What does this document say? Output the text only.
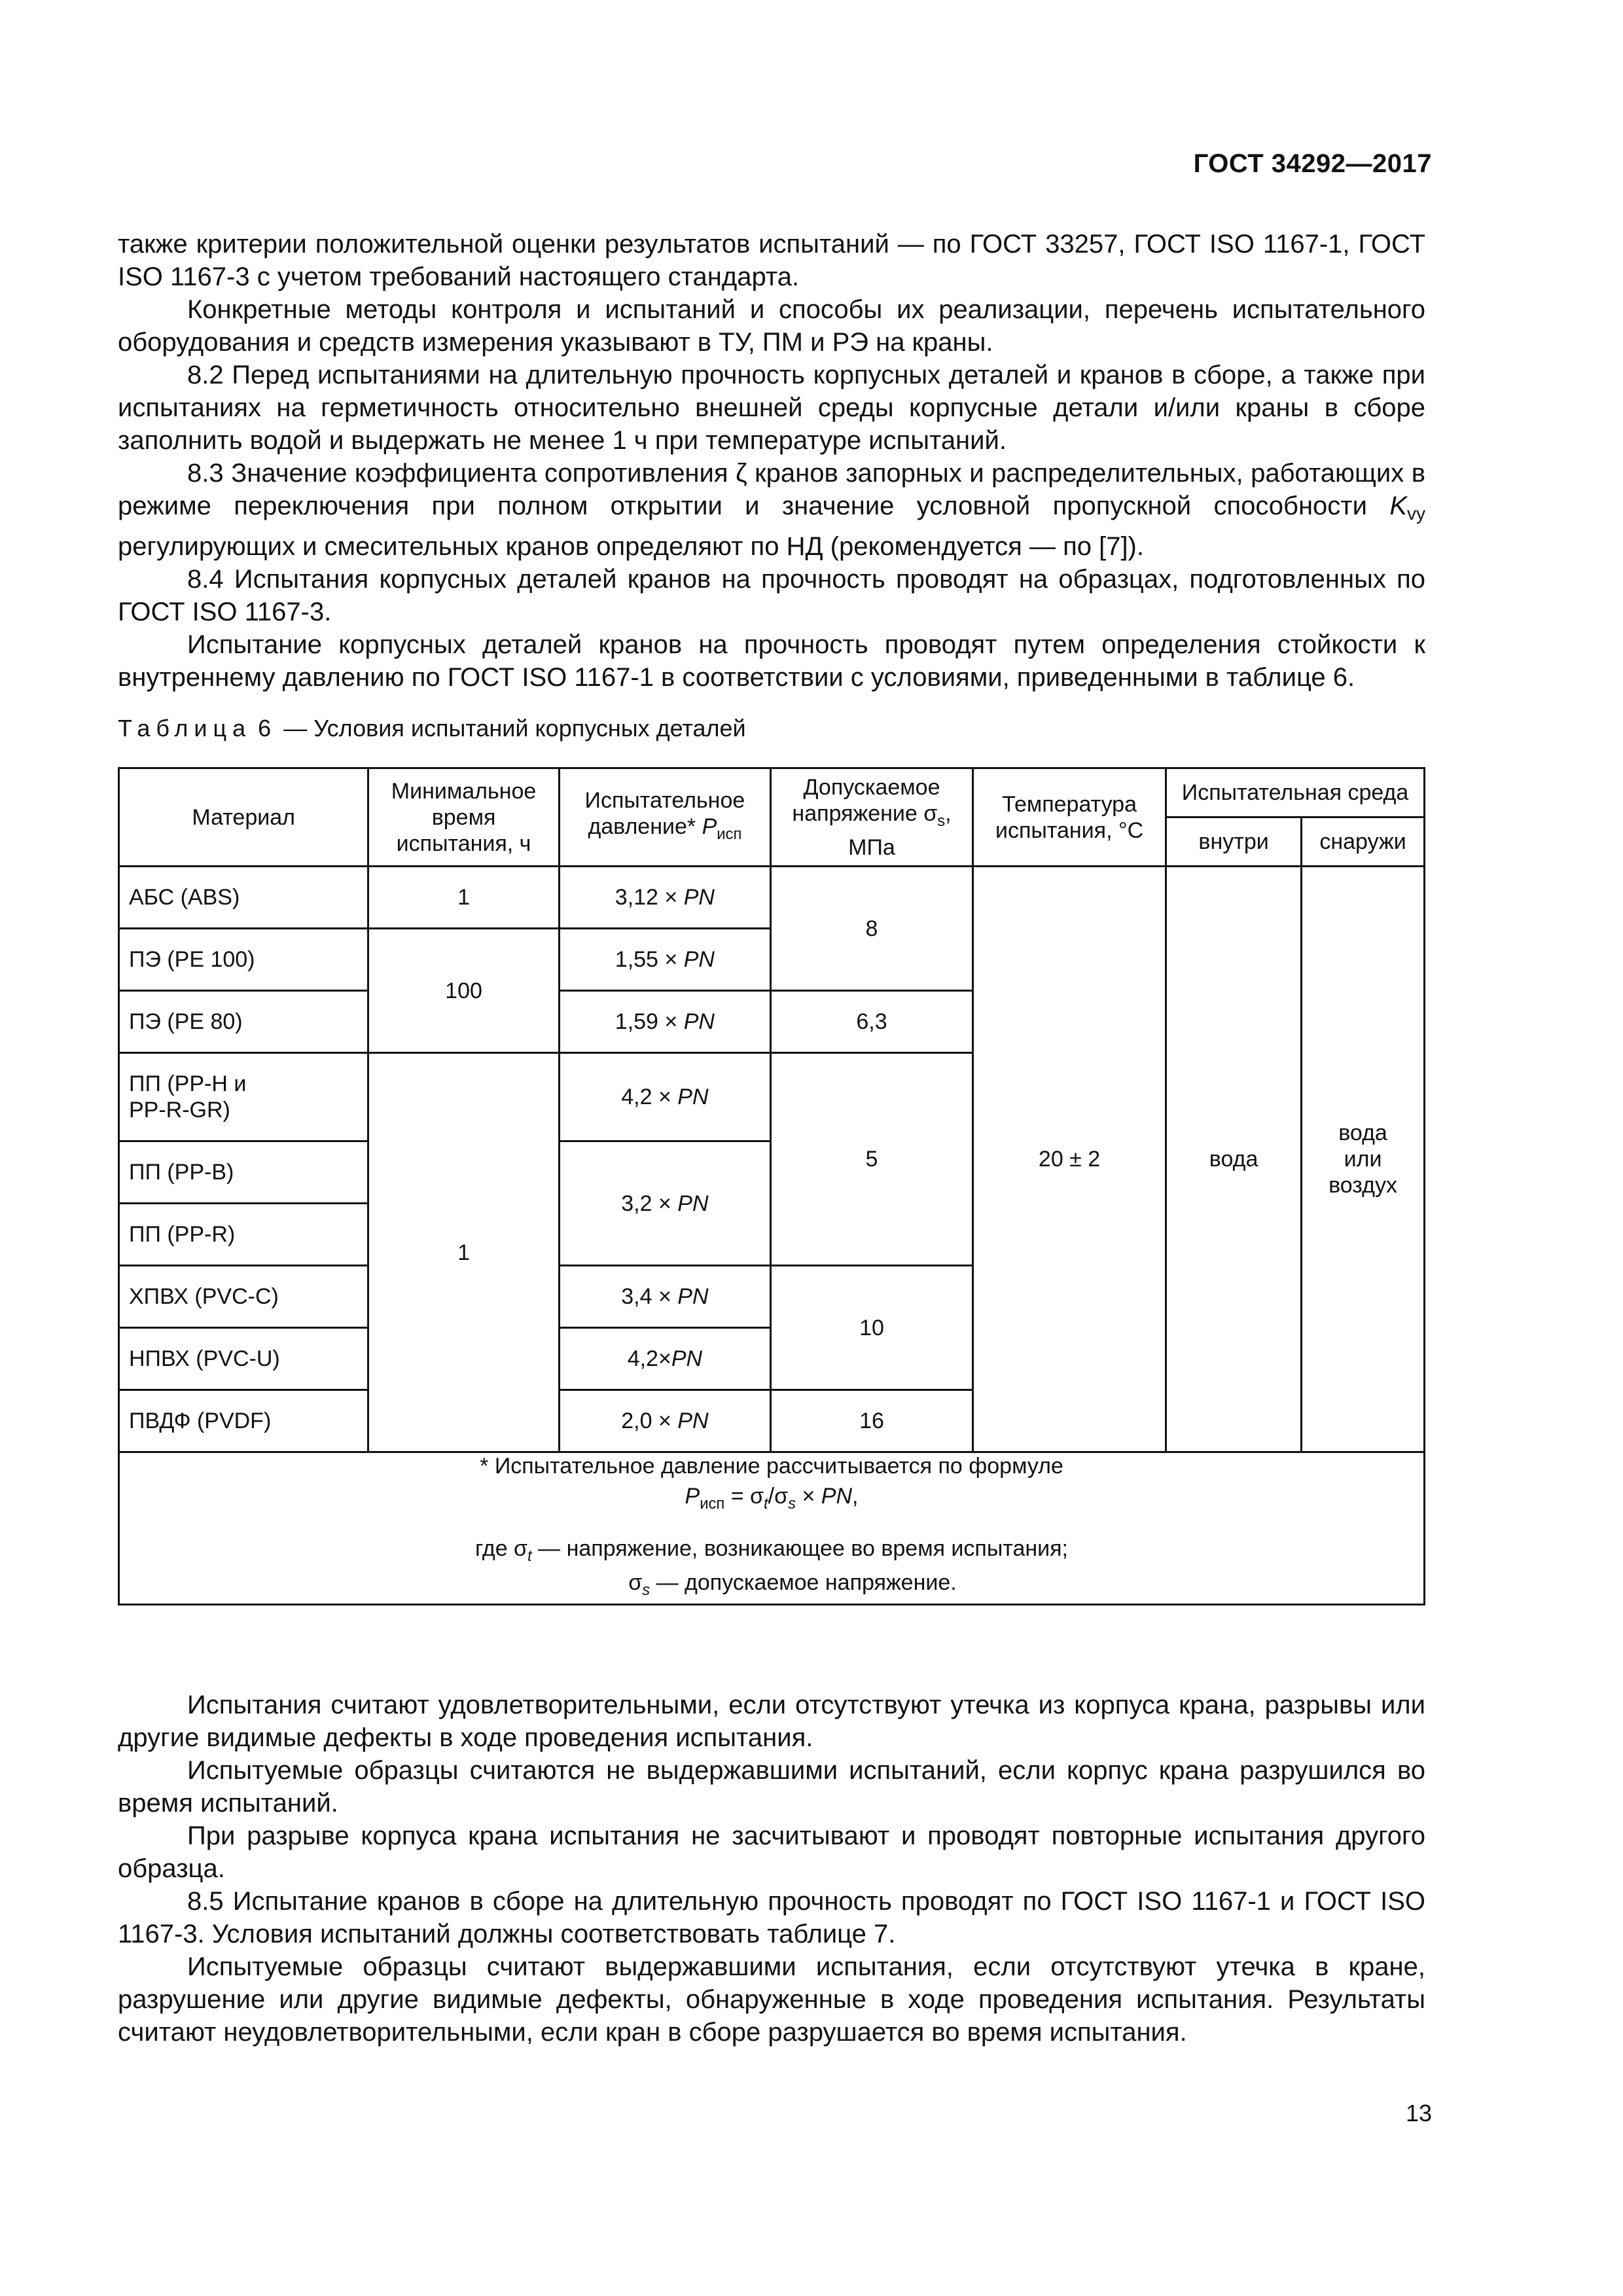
ГОСТ 34292—2017

также критерии положительной оценки результатов испытаний — по ГОСТ 33257, ГОСТ ISO 1167-1, ГОСТ ISO 1167-3 с учетом требований настоящего стандарта.

Конкретные методы контроля и испытаний и способы их реализации, перечень испытательного оборудования и средств измерения указывают в ТУ, ПМ и РЭ на краны.

8.2 Перед испытаниями на длительную прочность корпусных деталей и кранов в сборе, а также при испытаниях на герметичность относительно внешней среды корпусные детали и/или краны в сборе заполнить водой и выдержать не менее 1 ч при температуре испытаний.

8.3 Значение коэффициента сопротивления ζ кранов запорных и распределительных, работающих в режиме переключения при полном открытии и значение условной пропускной способности $K_{vy}$ регулирующих и смесительных кранов определяют по НД (рекомендуется — по [7]).

8.4 Испытания корпусных деталей кранов на прочность проводят на образцах, подготовленных по ГОСТ ISO 1167-3.

Испытание корпусных деталей кранов на прочность проводят путем определения стойкости к внутреннему давлению по ГОСТ ISO 1167-1 в соответствии с условиями, приведенными в таблице 6.

Таблица 6 — Условия испытаний корпусных деталей
Материал	Минимальное время испытания, ч	Испытательное давление* $P_{исп}$	Допускаемое напряжение $\sigma_s$, МПа	Температура испытания, °С	Испытательная среда	
					внутри	снаружи
АБС (ABS)	1	3,12 × PN	8	20 ± 2	вода	вода или воздух
ПЭ (PE 100)	100	1,55 × PN				
ПЭ (PE 80)		1,59 × PN	6,3			
ПП (PP-H и PP-R-GR)	1	4,2 × PN	5			
ПП (PP-B)		3,2 × PN				
ПП (PP-R)						
ХПВХ (PVC-C)		3,4 × PN	10			
НПВХ (PVC-U)		4,2×PN				
ПВДФ (PVDF)		2,0 × PN	16			

* Испытательное давление рассчитывается по формуле
$P_{исп} = \sigma_t/\sigma_s$ × PN,
где $\sigma_t$ — напряжение, возникающее во время испытания;
$\sigma_s$ — допускаемое напряжение.						

Испытания считают удовлетворительными, если отсутствуют утечка из корпуса крана, разрывы или другие видимые дефекты в ходе проведения испытания.

Испытуемые образцы считаются не выдержавшими испытаний, если корпус крана разрушился во время испытаний.

При разрыве корпуса крана испытания не засчитывают и проводят повторные испытания другого образца.

8.5 Испытание кранов в сборе на длительную прочность проводят по ГОСТ ISO 1167-1 и ГОСТ ISO 1167-3. Условия испытаний должны соответствовать таблице 7.

Испытуемые образцы считают выдержавшими испытания, если отсутствуют утечка в кране, разрушение или другие видимые дефекты, обнаруженные в ходе проведения испытания. Результаты считают неудовлетворительными, если кран в сборе разрушается во время испытания.

13
